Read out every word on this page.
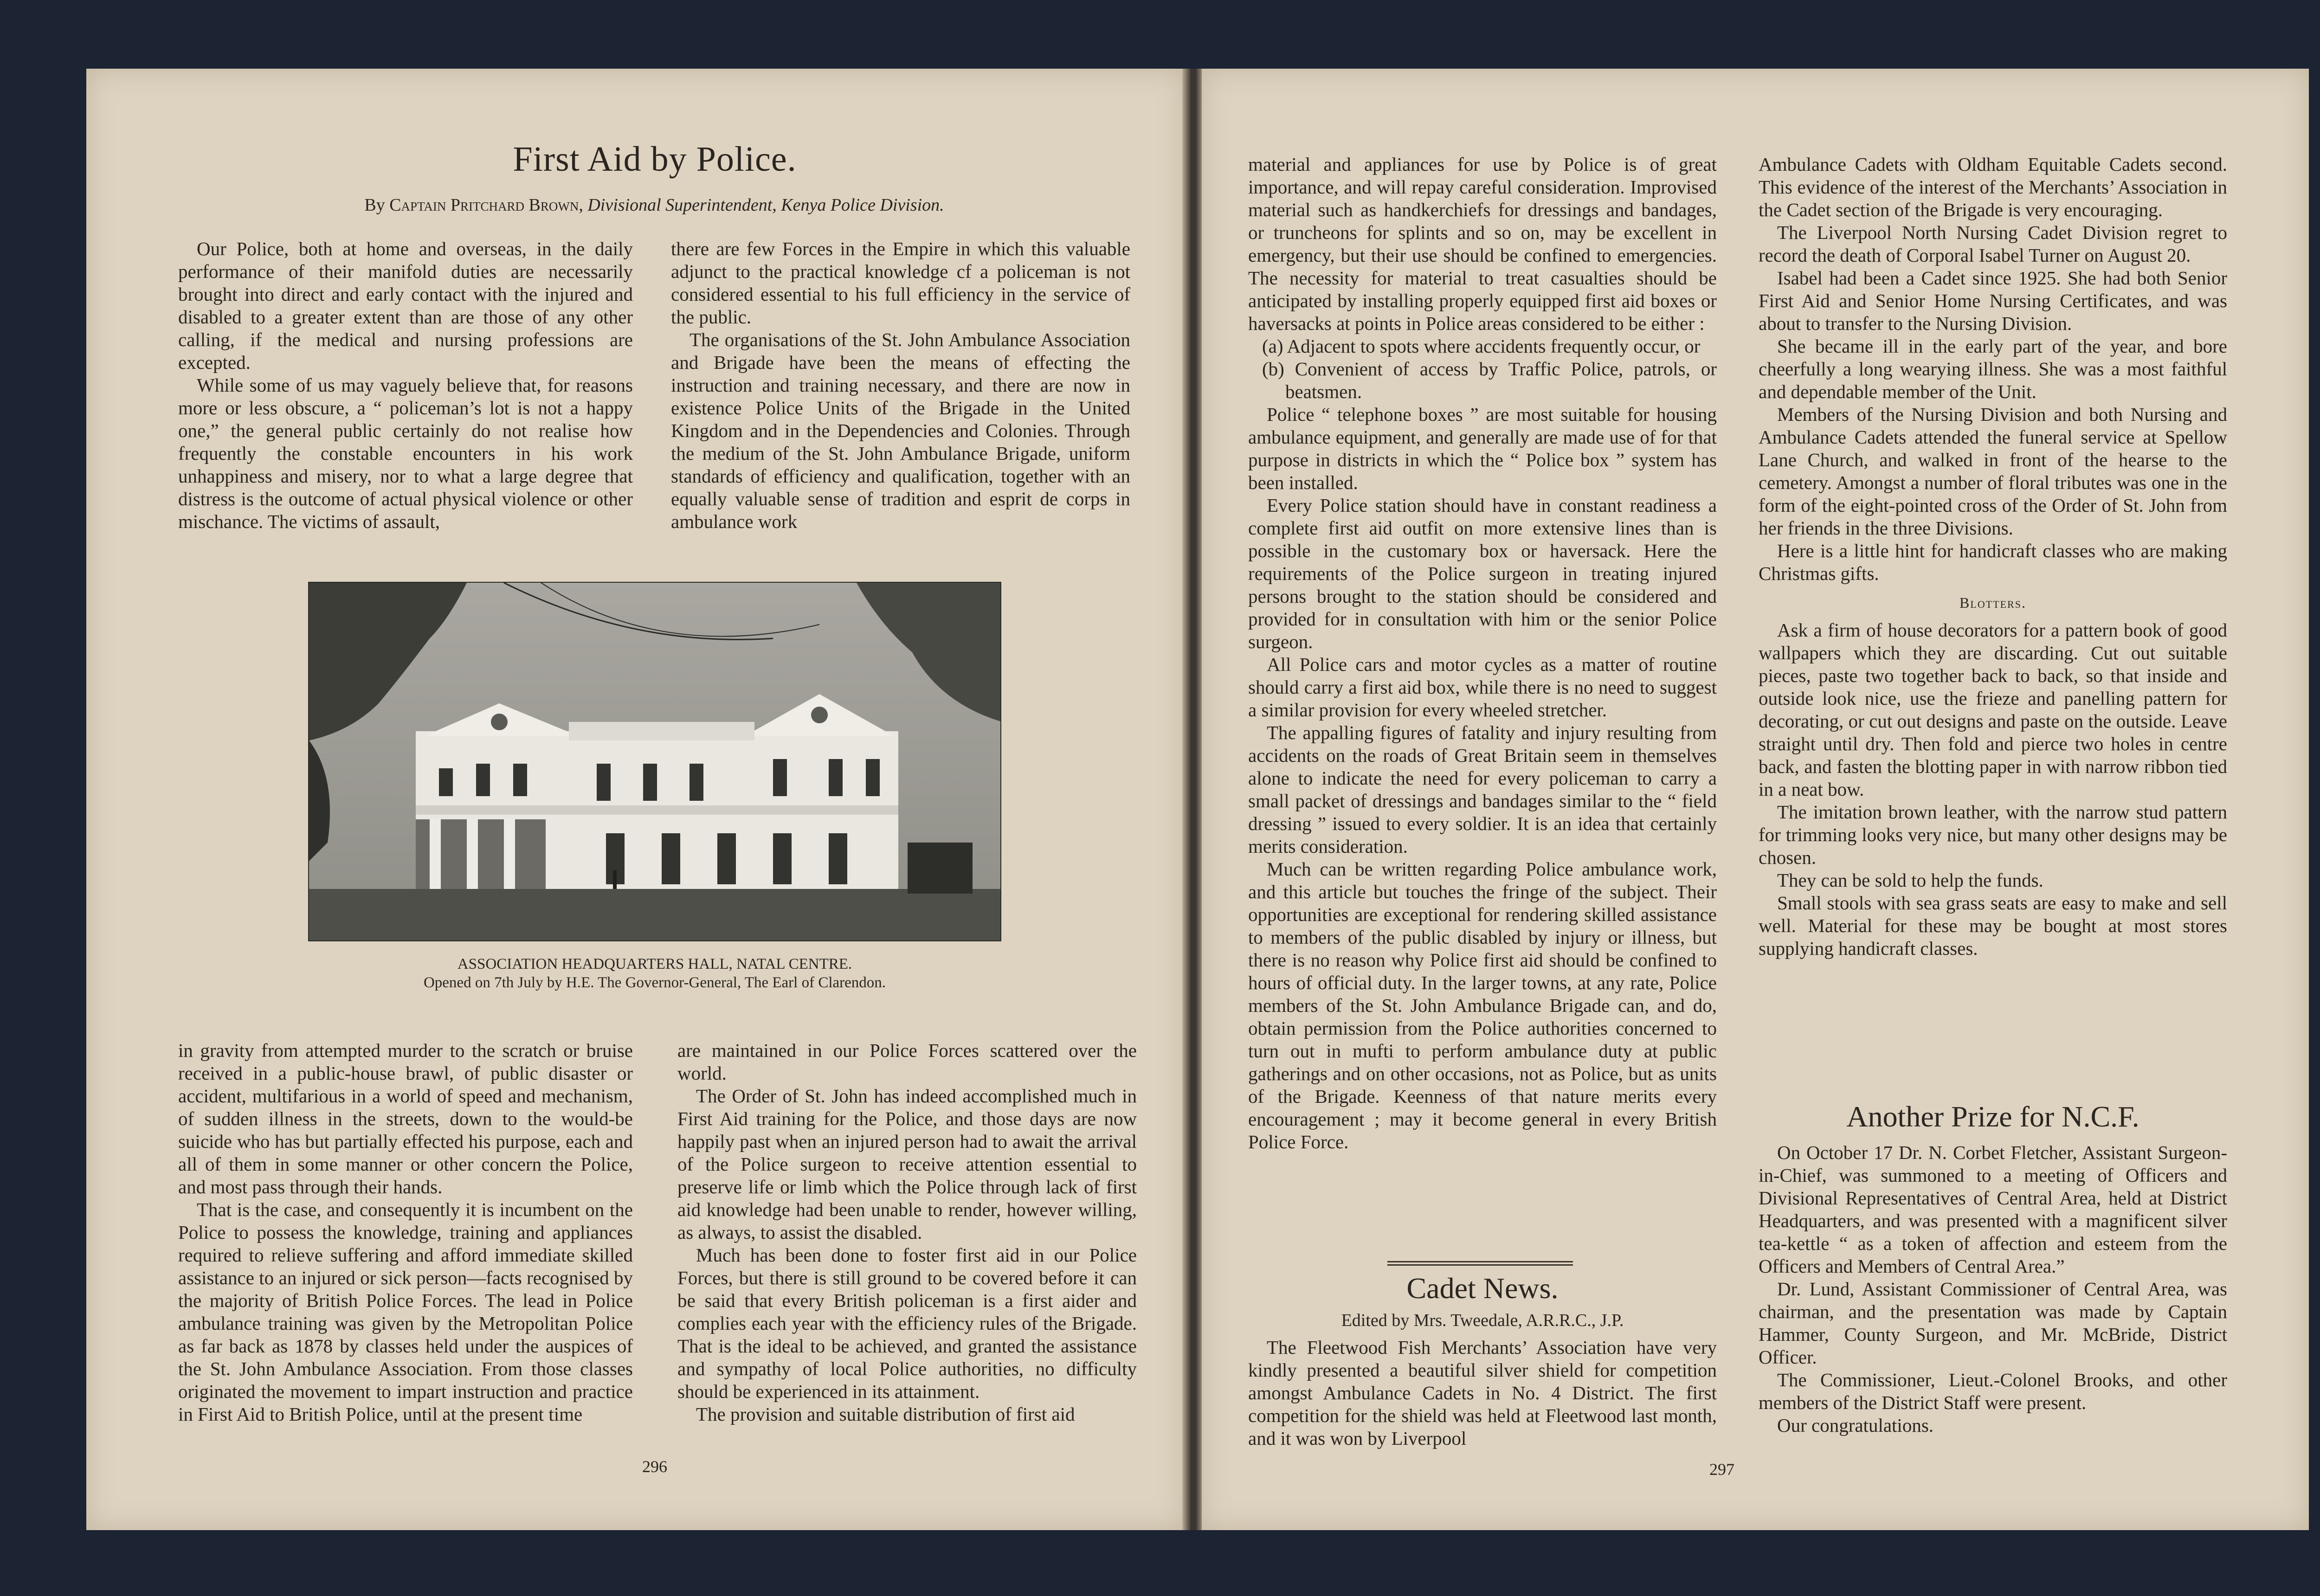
First Aid by Police.
By Captain Pritchard Brown, Divisional Superintendent, Kenya Police Division.

Our Police, both at home and overseas, in the daily performance of their manifold duties are necessarily brought into direct and early contact with the injured and disabled to a greater extent than are those of any other calling, if the medical and nursing professions are excepted.

While some of us may vaguely believe that, for reasons more or less obscure, a “ policeman’s lot is not a happy one,” the general public certainly do not realise how frequently the constable encounters in his work unhappiness and misery, nor to what a large degree that distress is the outcome of actual physical violence or other mischance. The victims of assault,

there are few Forces in the Empire in which this valuable adjunct to the practical knowledge cf a policeman is not considered essential to his full efficiency in the service of the public.

The organisations of the St. John Ambulance Association and Brigade have been the means of effecting the instruction and training necessary, and there are now in existence Police Units of the Brigade in the United Kingdom and in the Dependencies and Colonies. Through the medium of the St. John Ambulance Brigade, uniform standards of efficiency and qualification, together with an equally valuable sense of tradition and esprit de corps in ambulance work

ASSOCIATION HEADQUARTERS HALL, NATAL CENTRE.
Opened on 7th July by H.E. The Governor-General, The Earl of Clarendon.

in gravity from attempted murder to the scratch or bruise received in a public-house brawl, of public disaster or accident, multifarious in a world of speed and mechanism, of sudden illness in the streets, down to the would-be suicide who has but partially effected his purpose, each and all of them in some manner or other concern the Police, and most pass through their hands.

That is the case, and consequently it is incumbent on the Police to possess the knowledge, training and appliances required to relieve suffering and afford immediate skilled assistance to an injured or sick person—facts recognised by the majority of British Police Forces. The lead in Police ambulance training was given by the Metropolitan Police as far back as 1878 by classes held under the auspices of the St. John Ambulance Association. From those classes originated the movement to impart instruction and practice in First Aid to British Police, until at the present time

are maintained in our Police Forces scattered over the world.

The Order of St. John has indeed accomplished much in First Aid training for the Police, and those days are now happily past when an injured person had to await the arrival of the Police surgeon to receive attention essential to preserve life or limb which the Police through lack of first aid knowledge had been unable to render, however willing, as always, to assist the disabled.

Much has been done to foster first aid in our Police Forces, but there is still ground to be covered before it can be said that every British policeman is a first aider and complies each year with the efficiency rules of the Brigade. That is the ideal to be achieved, and granted the assistance and sympathy of local Police authorities, no difficulty should be experienced in its attainment.

The provision and suitable distribution of first aid

296

material and appliances for use by Police is of great importance, and will repay careful consideration. Improvised material such as handkerchiefs for dressings and bandages, or truncheons for splints and so on, may be excellent in emergency, but their use should be confined to emergencies. The necessity for material to treat casualties should be anticipated by installing properly equipped first aid boxes or haversacks at points in Police areas considered to be either :

(a) Adjacent to spots where accidents frequently occur, or

(b) Convenient of access by Traffic Police, patrols, or beatsmen.

Police “ telephone boxes ” are most suitable for housing ambulance equipment, and generally are made use of for that purpose in districts in which the “ Police box ” system has been installed.

Every Police station should have in constant readiness a complete first aid outfit on more extensive lines than is possible in the customary box or haversack. Here the requirements of the Police surgeon in treating injured persons brought to the station should be considered and provided for in consultation with him or the senior Police surgeon.

All Police cars and motor cycles as a matter of routine should carry a first aid box, while there is no need to suggest a similar provision for every wheeled stretcher.

The appalling figures of fatality and injury resulting from accidents on the roads of Great Britain seem in themselves alone to indicate the need for every policeman to carry a small packet of dressings and bandages similar to the “ field dressing ” issued to every soldier. It is an idea that certainly merits consideration.

Much can be written regarding Police ambulance work, and this article but touches the fringe of the subject. Their opportunities are exceptional for rendering skilled assistance to members of the public disabled by injury or illness, but there is no reason why Police first aid should be confined to hours of official duty. In the larger towns, at any rate, Police members of the St. John Ambulance Brigade can, and do, obtain permission from the Police authorities concerned to turn out in mufti to perform ambulance duty at public gatherings and on other occasions, not as Police, but as units of the Brigade. Keenness of that nature merits every encouragement ; may it become general in every British Police Force.

Cadet News.
Edited by Mrs. Tweedale, A.R.R.C., J.P.

The Fleetwood Fish Merchants’ Association have very kindly presented a beautiful silver shield for competition amongst Ambulance Cadets in No. 4 District. The first competition for the shield was held at Fleetwood last month, and it was won by Liverpool

Ambulance Cadets with Oldham Equitable Cadets second. This evidence of the interest of the Merchants’ Association in the Cadet section of the Brigade is very encouraging.

The Liverpool North Nursing Cadet Division regret to record the death of Corporal Isabel Turner on August 20.

Isabel had been a Cadet since 1925. She had both Senior First Aid and Senior Home Nursing Certificates, and was about to transfer to the Nursing Division.

She became ill in the early part of the year, and bore cheerfully a long wearying illness. She was a most faithful and dependable member of the Unit.

Members of the Nursing Division and both Nursing and Ambulance Cadets attended the funeral service at Spellow Lane Church, and walked in front of the hearse to the cemetery. Amongst a number of floral tributes was one in the form of the eight-pointed cross of the Order of St. John from her friends in the three Divisions.

Here is a little hint for handicraft classes who are making Christmas gifts.

Blotters.

Ask a firm of house decorators for a pattern book of good wallpapers which they are discarding. Cut out suitable pieces, paste two together back to back, so that inside and outside look nice, use the frieze and panelling pattern for decorating, or cut out designs and paste on the outside. Leave straight until dry. Then fold and pierce two holes in centre back, and fasten the blotting paper in with narrow ribbon tied in a neat bow.

The imitation brown leather, with the narrow stud pattern for trimming looks very nice, but many other designs may be chosen.

They can be sold to help the funds.

Small stools with sea grass seats are easy to make and sell well. Material for these may be bought at most stores supplying handicraft classes.

Another Prize for N.C.F.

On October 17 Dr. N. Corbet Fletcher, Assistant Surgeon-in-Chief, was summoned to a meeting of Officers and Divisional Representatives of Central Area, held at District Headquarters, and was presented with a magnificent silver tea-kettle “ as a token of affection and esteem from the Officers and Members of Central Area.”

Dr. Lund, Assistant Commissioner of Central Area, was chairman, and the presentation was made by Captain Hammer, County Surgeon, and Mr. McBride, District Officer.

The Commissioner, Lieut.-Colonel Brooks, and other members of the District Staff were present.

Our congratulations.

297
